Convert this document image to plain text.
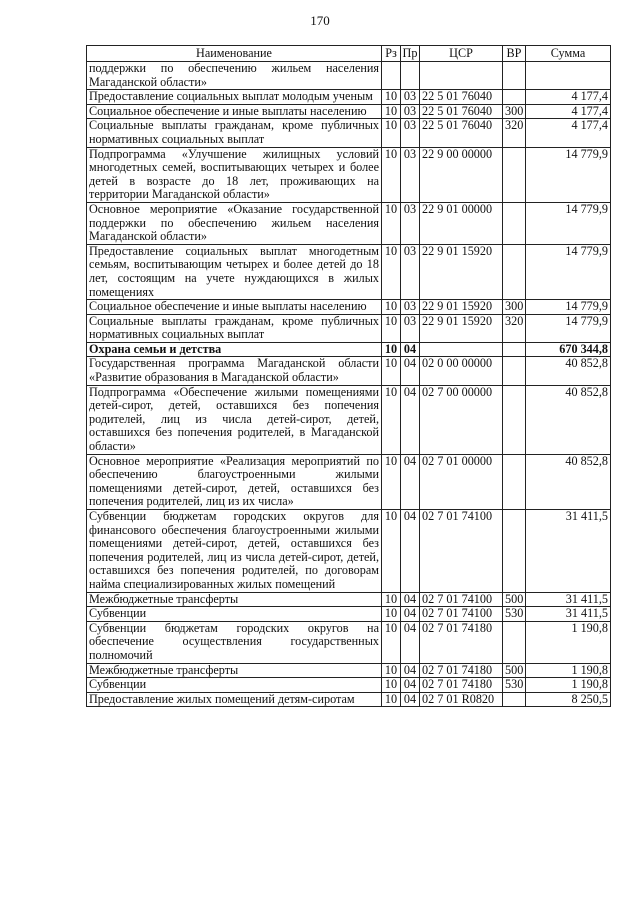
170
Наименование	Рз	Пр	ЦСР	ВР	Сумма
поддержки по обеспечению жильем населения Магаданской области»					
Предоставление социальных выплат молодым ученым	10	03	22 5 01 76040		4 177,4
Социальное обеспечение и иные выплаты населению	10	03	22 5 01 76040	300	4 177,4
Социальные выплаты гражданам, кроме публичных нормативных социальных выплат	10	03	22 5 01 76040	320	4 177,4
Подпрограмма «Улучшение жилищных условий многодетных семей, воспитывающих четырех и более детей в возрасте до 18 лет, проживающих на территории Магаданской области»	10	03	22 9 00 00000		14 779,9
Основное мероприятие «Оказание государственной поддержки по обеспечению жильем населения Магаданской области»	10	03	22 9 01 00000		14 779,9
Предоставление социальных выплат многодетным семьям, воспитывающим четырех и более детей до 18 лет, состоящим на учете нуждающихся в жилых помещениях	10	03	22 9 01 15920		14 779,9
Социальное обеспечение и иные выплаты населению	10	03	22 9 01 15920	300	14 779,9
Социальные выплаты гражданам, кроме публичных нормативных социальных выплат	10	03	22 9 01 15920	320	14 779,9
Охрана семьи и детства	10	04			670 344,8
Государственная программа Магаданской области «Развитие образования в Магаданской области»	10	04	02 0 00 00000		40 852,8
Подпрограмма «Обеспечение жилыми помещениями детей-сирот, детей, оставшихся без попечения родителей, лиц из числа детей-сирот, детей, оставшихся без попечения родителей, в Магаданской области»	10	04	02 7 00 00000		40 852,8
Основное мероприятие «Реализация мероприятий по обеспечению благоустроенными жилыми помещениями детей-сирот, детей, оставшихся без попечения родителей, лиц из их числа»	10	04	02 7 01 00000		40 852,8
Субвенции бюджетам городских округов для финансового обеспечения благоустроенными жилыми помещениями детей-сирот, детей, оставшихся без попечения родителей, лиц из числа детей-сирот, детей, оставшихся без попечения родителей, по договорам найма специализированных жилых помещений	10	04	02 7 01 74100		31 411,5
Межбюджетные трансферты	10	04	02 7 01 74100	500	31 411,5
Субвенции	10	04	02 7 01 74100	530	31 411,5
Субвенции бюджетам городских округов на обеспечение осуществления государственных полномочий	10	04	02 7 01 74180		1 190,8
Межбюджетные трансферты	10	04	02 7 01 74180	500	1 190,8
Субвенции	10	04	02 7 01 74180	530	1 190,8
Предоставление жилых помещений детям-сиротам	10	04	02 7 01 R0820		8 250,5
